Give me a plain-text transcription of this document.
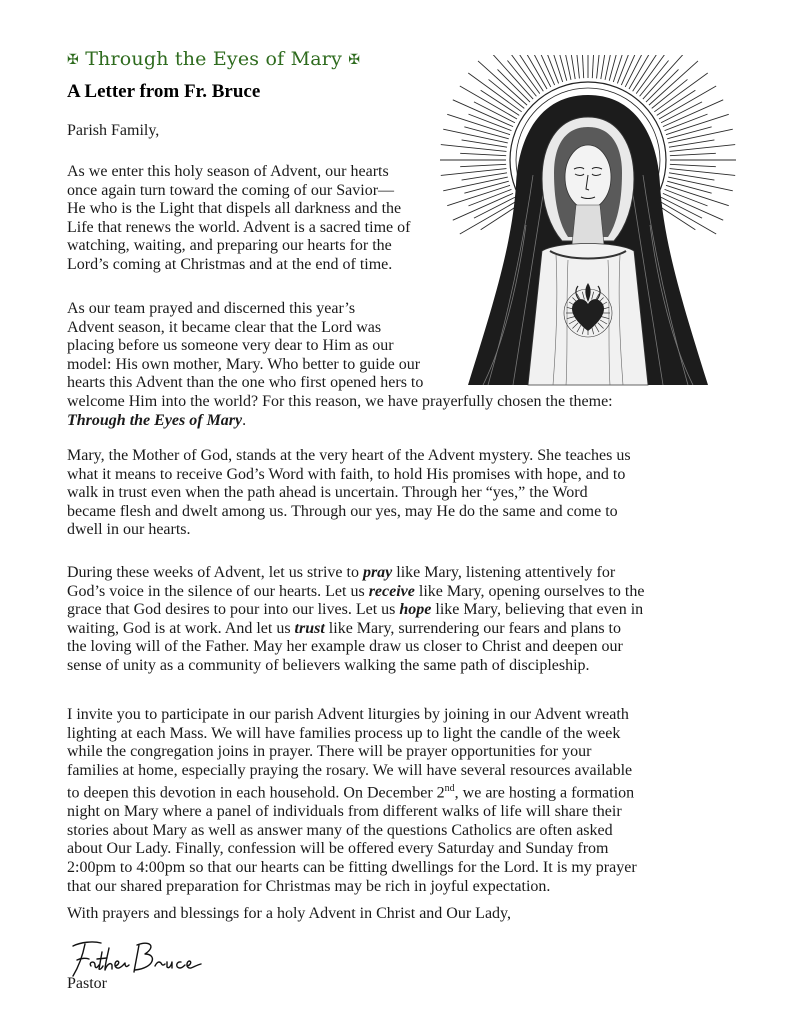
✠ Through the Eyes of Mary ✠
A Letter from Fr. Bruce
Parish Family,
As we enter this holy season of Advent, our hearts
once again turn toward the coming of our Savior—
He who is the Light that dispels all darkness and the
Life that renews the world. Advent is a sacred time of
watching, waiting, and preparing our hearts for the
Lord’s coming at Christmas and at the end of time.
As our team prayed and discerned this year’s
Advent season, it became clear that the Lord was
placing before us someone very dear to Him as our
model: His own mother, Mary. Who better to guide our
hearts this Advent than the one who first opened hers to
welcome Him into the world? For this reason, we have prayerfully chosen the theme:
Through the Eyes of Mary.
Mary, the Mother of God, stands at the very heart of the Advent mystery. She teaches us
what it means to receive God’s Word with faith, to hold His promises with hope, and to
walk in trust even when the path ahead is uncertain. Through her “yes,” the Word
became flesh and dwelt among us. Through our yes, may He do the same and come to
dwell in our hearts.
During these weeks of Advent, let us strive to pray like Mary, listening attentively for
God’s voice in the silence of our hearts. Let us receive like Mary, opening ourselves to the
grace that God desires to pour into our lives. Let us hope like Mary, believing that even in
waiting, God is at work. And let us trust like Mary, surrendering our fears and plans to
the loving will of the Father. May her example draw us closer to Christ and deepen our
sense of unity as a community of believers walking the same path of discipleship.
I invite you to participate in our parish Advent liturgies by joining in our Advent wreath
lighting at each Mass. We will have families process up to light the candle of the week
while the congregation joins in prayer. There will be prayer opportunities for your
families at home, especially praying the rosary. We will have several resources available
to deepen this devotion in each household. On December 2nd, we are hosting a formation
night on Mary where a panel of individuals from different walks of life will share their
stories about Mary as well as answer many of the questions Catholics are often asked
about Our Lady. Finally, confession will be offered every Saturday and Sunday from
2:00pm to 4:00pm so that our hearts can be fitting dwellings for the Lord. It is my prayer
that our shared preparation for Christmas may be rich in joyful expectation.
With prayers and blessings for a holy Advent in Christ and Our Lady,
Pastor
